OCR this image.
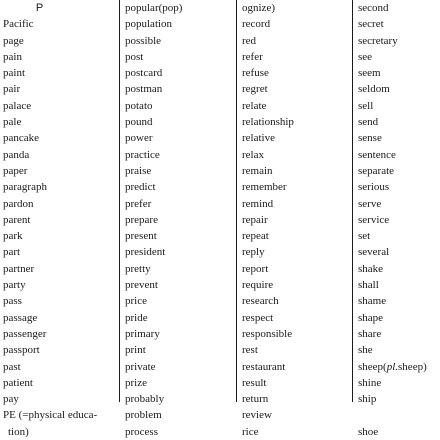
P
Pacific
page
pain
paint
pair
palace
pale
pancake
panda
paper
paragraph
pardon
parent
park
part
partner
party
pass
passage
passenger
passport
past
patient
pay
PE (=physical educa-
tion)
popular(pop)
population
possible
post
postcard
postman
potato
pound
power
practice
praise
predict
prefer
prepare
present
president
pretty
prevent
price
pride
primary
print
private
prize
probably
problem
process
ognize)
record
red
refer
refuse
regret
relate
relationship
relative
relax
remain
remember
remind
repair
repeat
reply
report
require
research
respect
responsible
rest
restaurant
result
return
review
rice
second
secret
secretary
see
seem
seldom
sell
send
sense
sentence
separate
serious
serve
service
set
several
shake
shall
shame
shape
share
she
sheep(pl.sheep)
shine
ship
shoe
